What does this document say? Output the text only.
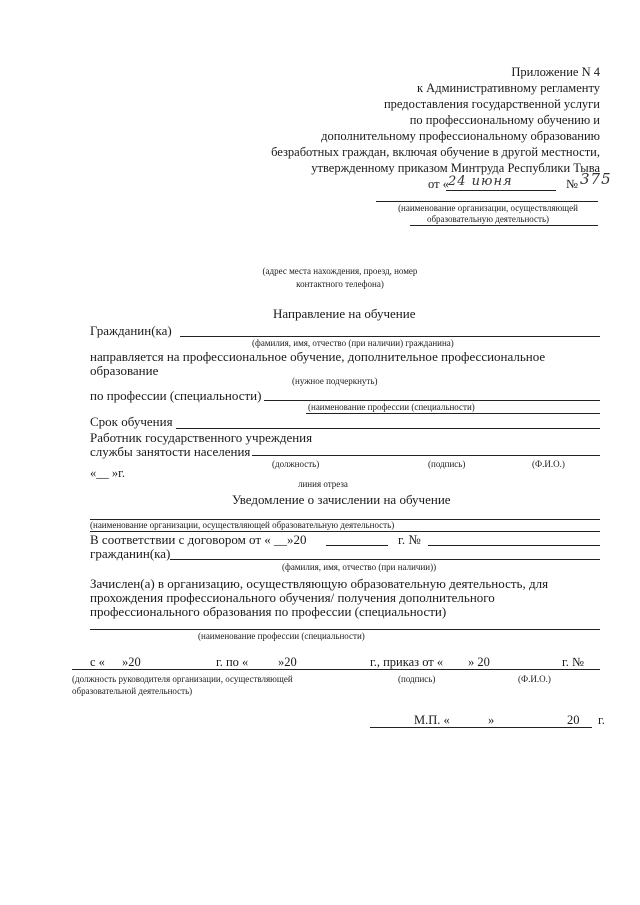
Приложение N 4
к Административному регламенту
предоставления государственной услуги
по профессиональному обучению и
дополнительному профессиональному образованию
безработных граждан, включая обучение в другой местности,
утвержденному приказом Минтруда Республики Тыва
от « 24 июня	№ 375
(наименование организации, осуществляющей
образовательную деятельность)
(адрес места нахождения, проезд, номер
контактного телефона)
Направление на обучение
Гражданин(ка)
(фамилия, имя, отчество (при наличии) гражданина)
направляется на профессиональное обучение, дополнительное профессиональное
образование
(нужное подчеркнуть)
по профессии (специальности)
(наименование профессии (специальности)
Срок обучения
Работник государственного учреждения
службы занятости населения
(должность)	(подпись)	(Ф.И.О.)
«__ »г.
линия отреза
Уведомление о зачислении на обучение
(наименование организации, осуществляющей образовательную деятельность)
В соответствии с договором от « __»20	г. №
гражданин(ка)
(фамилия, имя, отчество (при наличии))
Зачислен(а) в организацию, осуществляющую образовательную деятельность, для
прохождения профессионального обучения/ получения дополнительного
профессионального образования по профессии (специальности)
(наименование профессии (специальности)
с « »20	г. по « »20	г., приказ от « » 20	г. №
(должность руководителя организации, осуществляющей
образовательной деятельность)
(подпись)	(Ф.И.О.)
М.П. «	»	20 г.
